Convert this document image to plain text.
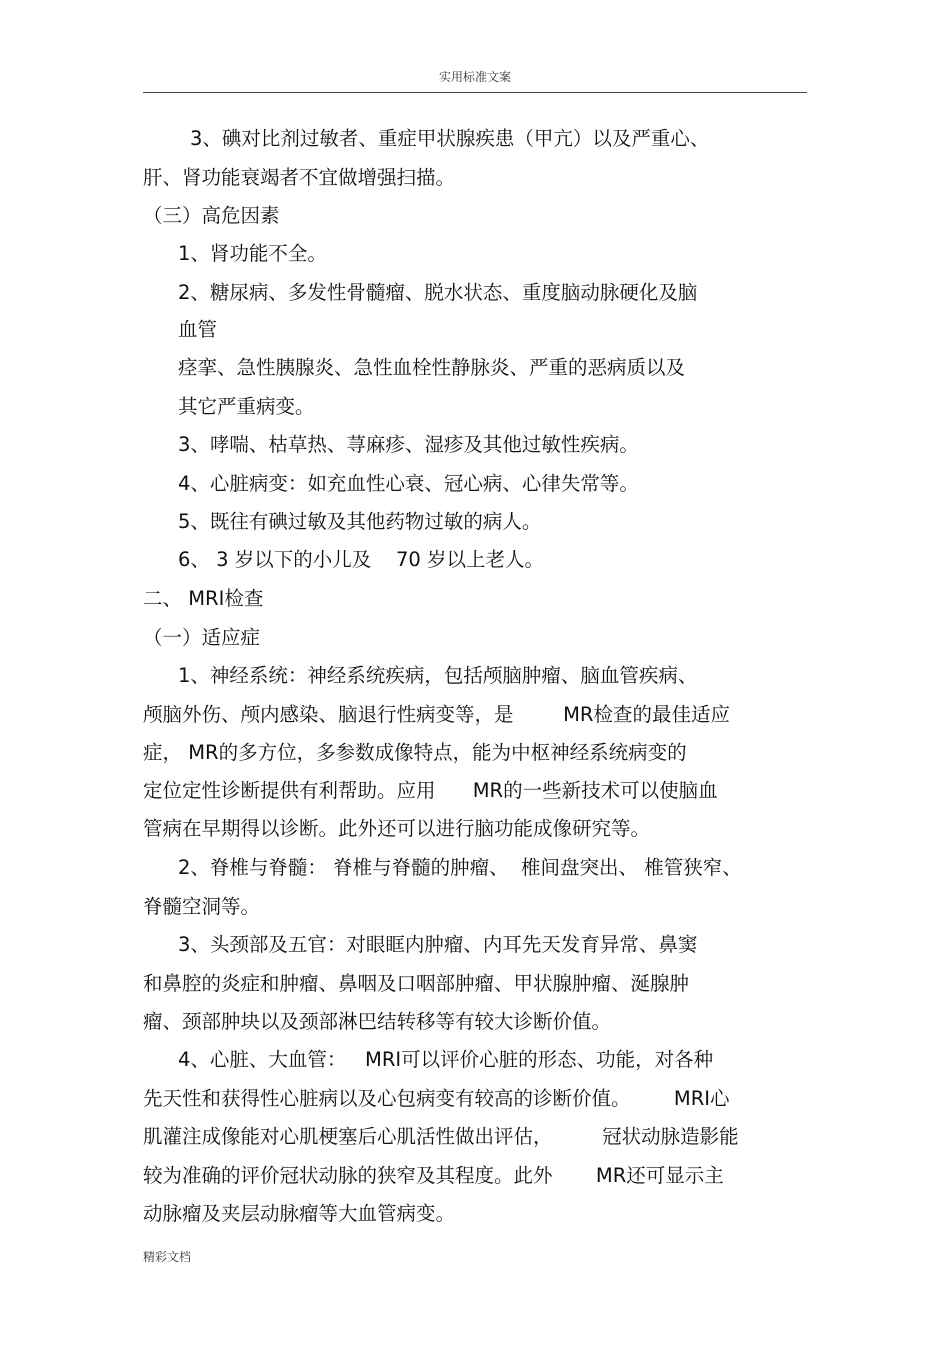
实用标准文案
3、碘对比剂过敏者、重症甲状腺疾患（甲亢）以及严重心、
肝、肾功能衰竭者不宜做增强扫描。
（三）高危因素
1、肾功能不全。
2、糖尿病、多发性骨髓瘤、脱水状态、重度脑动脉硬化及脑
血管
痉挛、急性胰腺炎、急性血栓性静脉炎、严重的恶病质以及
其它严重病变。
3、哮喘、枯草热、荨麻疹、湿疹及其他过敏性疾病。
4、心脏病变：如充血性心衰、冠心病、心律失常等。
5、既往有碘过敏及其他药物过敏的病人。
6、 3 岁以下的小儿及    70 岁以上老人。
二、 MRI检查
（一）适应症
1、神经系统：神经系统疾病，包括颅脑肿瘤、脑血管疾病、
颅脑外伤、颅内感染、脑退行性病变等，是        MR检查的最佳适应
症， MR的多方位，多参数成像特点，能为中枢神经系统病变的
定位定性诊断提供有利帮助。应用      MR的一些新技术可以使脑血
管病在早期得以诊断。此外还可以进行脑功能成像研究等。
2、脊椎与脊髓： 脊椎与脊髓的肿瘤、  椎间盘突出、 椎管狭窄、
脊髓空洞等。
3、头颈部及五官：对眼眶内肿瘤、内耳先天发育异常、鼻窦
和鼻腔的炎症和肿瘤、鼻咽及口咽部肿瘤、甲状腺肿瘤、涎腺肿
瘤、颈部肿块以及颈部淋巴结转移等有较大诊断价值。
4、心脏、大血管：   MRI可以评价心脏的形态、功能，对各种
先天性和获得性心脏病以及心包病变有较高的诊断价值。       MRI心
肌灌注成像能对心肌梗塞后心肌活性做出评估，        冠状动脉造影能
较为准确的评价冠状动脉的狭窄及其程度。此外       MR还可显示主
动脉瘤及夹层动脉瘤等大血管病变。
精彩文档
